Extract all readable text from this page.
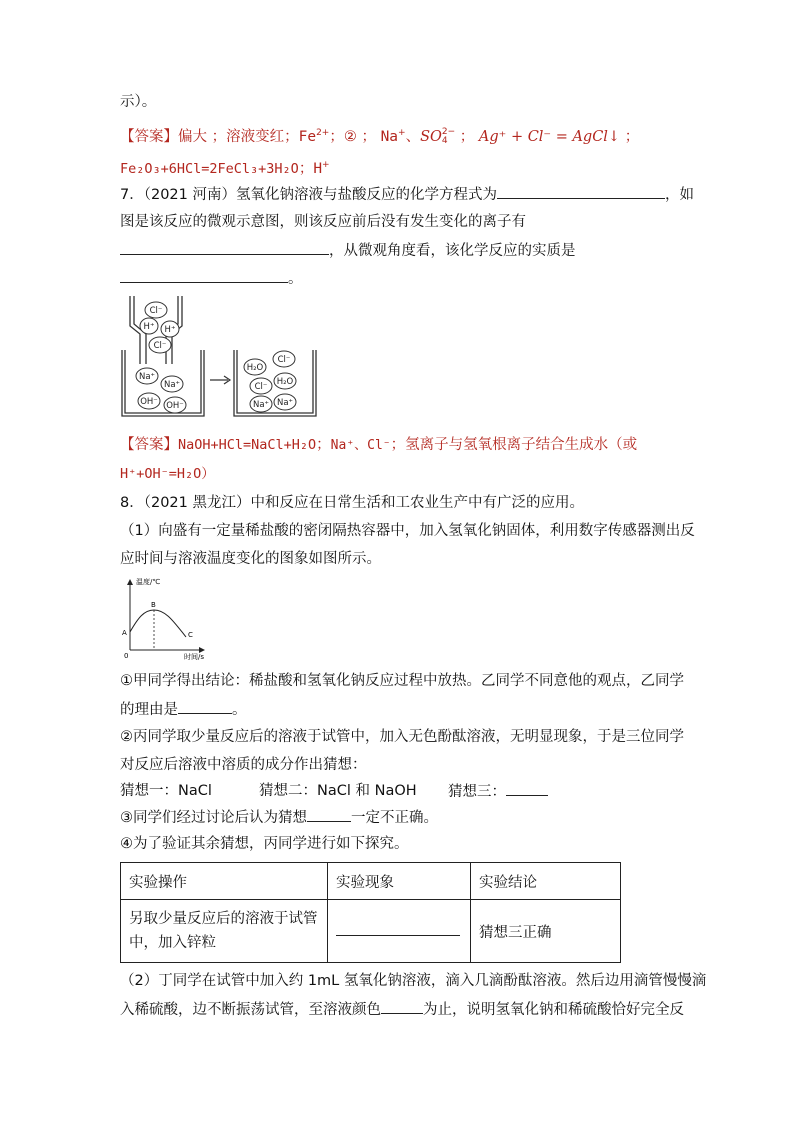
示）。
【答案】偏大 ；溶液变红；$Fe^{2+}$；② ； Na+、SO 2−
4 ； Ag⁺ + Cl⁻ = AgCl↓ ；
Fe₂O₃+6HCl=2FeCl₃+3H₂O；H+
7．（2021 河南）氢氧化钠溶液与盐酸反应的化学方程式为	，如
图是该反应的微观示意图，则该反应前后没有发生变化的离子有
，从微观角度看，该化学反应的实质是
。
Cl⁻
H⁺ H⁺
Cl⁻
Na⁺
Na⁺
OH⁻ OH⁻
H₂O
Cl⁻
H₂O
Cl⁻
Na⁺ Na⁺
【答案】NaOH+HCl=NaCl+H₂O；Na⁺、Cl⁻；氢离子与氢氧根离子结合生成水（或
H⁺+OH⁻=H₂O）
8．（2021 黑龙江）中和反应在日常生活和工农业生产中有广泛的应用。
（1）向盛有一定量稀盐酸的密闭隔热容器中，加入氢氧化钠固体，利用数字传感器测出反
应时间与溶液温度变化的图象如图所示。
温度/℃
时间/s
0
A
B
C
①甲同学得出结论：稀盐酸和氢氧化钠反应过程中放热。乙同学不同意他的观点，乙同学
的理由是	。
②丙同学取少量反应后的溶液于试管中，加入无色酚酞溶液，无明显现象，于是三位同学
对反应后溶液中溶质的成分作出猜想：
猜想一：NaCl	猜想二：NaCl 和 NaOH 猜想三：
③同学们经过讨论后认为猜想	一定不正确。
④为了验证其余猜想，丙同学进行如下探究。
实验操作	实验现象	实验结论

另取少量反应后的溶液于试管
中，加入锌粒		猜想三正确
（2）丁同学在试管中加入约 1mL 氢氧化钠溶液，滴入几滴酚酞溶液。然后边用滴管慢慢滴
入稀硫酸，边不断振荡试管，至溶液颜色	为止，说明氢氧化钠和稀硫酸恰好完全反
